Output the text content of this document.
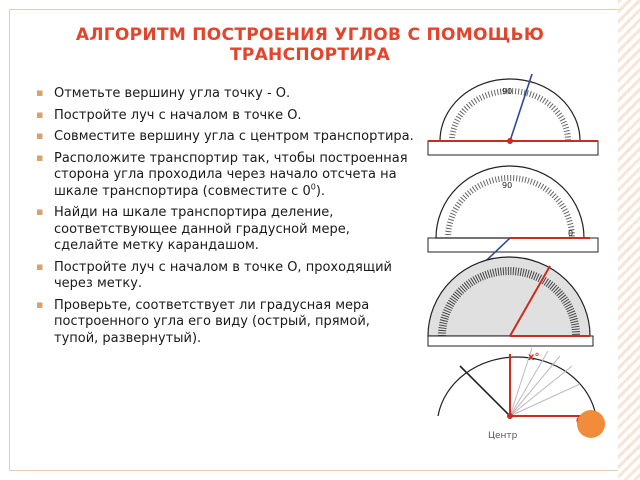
АЛГОРИТМ ПОСТРОЕНИЯ УГЛОВ С ПОМОЩЬЮ ТРАНСПОРТИРА
▪ Отметьте вершину угла точку - О.
▪ Постройте луч с началом в точке О.
▪ Совместите вершину угла с центром транспортира.
▪ Расположите транспортир так, чтобы построенная сторона угла проходила через начало отсчета на шкале транспортира (совместите с $0^0$).
▪ Найди на шкале транспортира деление, соответствующее данной градусной мере, сделайте метку карандашом.
▪ Постройте луч с началом в точке О, проходящий через метку.
▪ Проверьте, соответствует ли градусная мера построенного угла его виду (острый, прямой, тупой, развернутый).
90
90
0
x°
Центр
